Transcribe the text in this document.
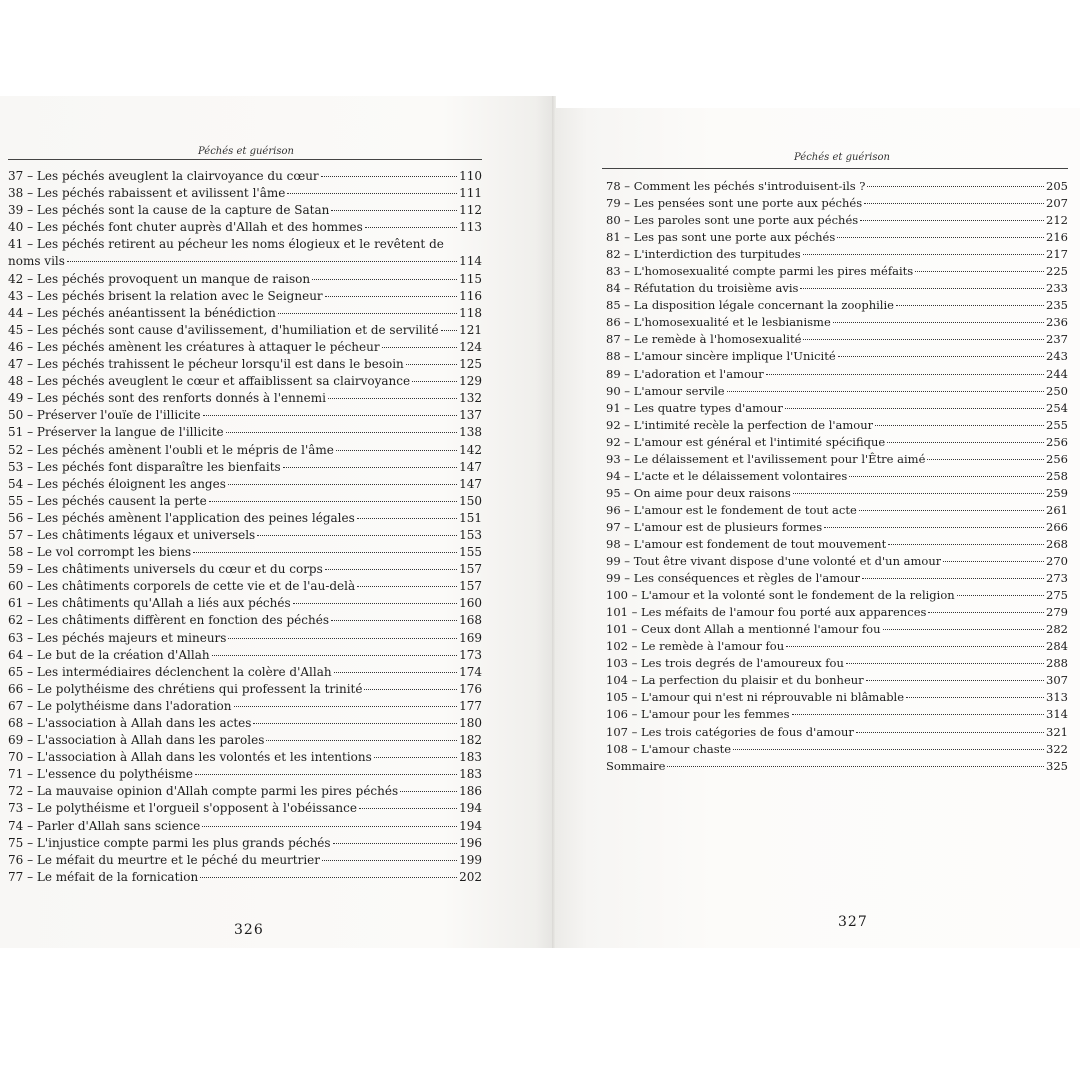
Péchés et guérison
37 – Les péchés aveuglent la clairvoyance du cœur	110
38 – Les péchés rabaissent et avilissent l'âme	111
39 – Les péchés sont la cause de la capture de Satan	112
40 – Les péchés font chuter auprès d'Allah et des hommes	113
41 – Les péchés retirent au pécheur les noms élogieux et le revêtent de
noms vils	114
42 – Les péchés provoquent un manque de raison	115
43 – Les péchés brisent la relation avec le Seigneur	116
44 – Les péchés anéantissent la bénédiction	118
45 – Les péchés sont cause d'avilissement, d'humiliation et de servilité 121
46 – Les péchés amènent les créatures à attaquer le pécheur	124
47 – Les péchés trahissent le pécheur lorsqu'il est dans le besoin	125
48 – Les péchés aveuglent le cœur et affaiblissent sa clairvoyance	129
49 – Les péchés sont des renforts donnés à l'ennemi	132
50 – Préserver l'ouïe de l'illicite	137
51 – Préserver la langue de l'illicite	138
52 – Les péchés amènent l'oubli et le mépris de l'âme	142
53 – Les péchés font disparaître les bienfaits	147
54 – Les péchés éloignent les anges	147
55 – Les péchés causent la perte	150
56 – Les péchés amènent l'application des peines légales	151
57 – Les châtiments légaux et universels	153
58 – Le vol corrompt les biens	155
59 – Les châtiments universels du cœur et du corps	157
60 – Les châtiments corporels de cette vie et de l'au-delà	157
61 – Les châtiments qu'Allah a liés aux péchés	160
62 – Les châtiments diffèrent en fonction des péchés	168
63 – Les péchés majeurs et mineurs	169
64 – Le but de la création d'Allah	173
65 – Les intermédiaires déclenchent la colère d'Allah	174
66 – Le polythéisme des chrétiens qui professent la trinité	176
67 – Le polythéisme dans l'adoration	177
68 – L'association à Allah dans les actes	180
69 – L'association à Allah dans les paroles	182
70 – L'association à Allah dans les volontés et les intentions	183
71 – L'essence du polythéisme	183
72 – La mauvaise opinion d'Allah compte parmi les pires péchés	186
73 – Le polythéisme et l'orgueil s'opposent à l'obéissance	194
74 – Parler d'Allah sans science	194
75 – L'injustice compte parmi les plus grands péchés	196
76 – Le méfait du meurtre et le péché du meurtrier	199
77 – Le méfait de la fornication	202
326
Péchés et guérison
78 – Comment les péchés s'introduisent-ils ?	205
79 – Les pensées sont une porte aux péchés	207
80 – Les paroles sont une porte aux péchés	212
81 – Les pas sont une porte aux péchés	216
82 – L'interdiction des turpitudes	217
83 – L'homosexualité compte parmi les pires méfaits	225
84 – Réfutation du troisième avis	233
85 – La disposition légale concernant la zoophilie	235
86 – L'homosexualité et le lesbianisme	236
87 – Le remède à l'homosexualité	237
88 – L'amour sincère implique l'Unicité	243
89 – L'adoration et l'amour	244
90 – L'amour servile	250
91 – Les quatre types d'amour	254
92 – L'intimité recèle la perfection de l'amour	255
92 – L'amour est général et l'intimité spécifique	256
93 – Le délaissement et l'avilissement pour l'Être aimé	256
94 – L'acte et le délaissement volontaires	258
95 – On aime pour deux raisons	259
96 – L'amour est le fondement de tout acte	261
97 – L'amour est de plusieurs formes	266
98 – L'amour est fondement de tout mouvement	268
99 – Tout être vivant dispose d'une volonté et d'un amour	270
99 – Les conséquences et règles de l'amour	273
100 – L'amour et la volonté sont le fondement de la religion	275
101 – Les méfaits de l'amour fou porté aux apparences	279
101 – Ceux dont Allah a mentionné l'amour fou	282
102 – Le remède à l'amour fou	284
103 – Les trois degrés de l'amoureux fou	288
104 – La perfection du plaisir et du bonheur	307
105 – L'amour qui n'est ni réprouvable ni blâmable	313
106 – L'amour pour les femmes	314
107 – Les trois catégories de fous d'amour	321
108 – L'amour chaste	322
Sommaire	325
327
